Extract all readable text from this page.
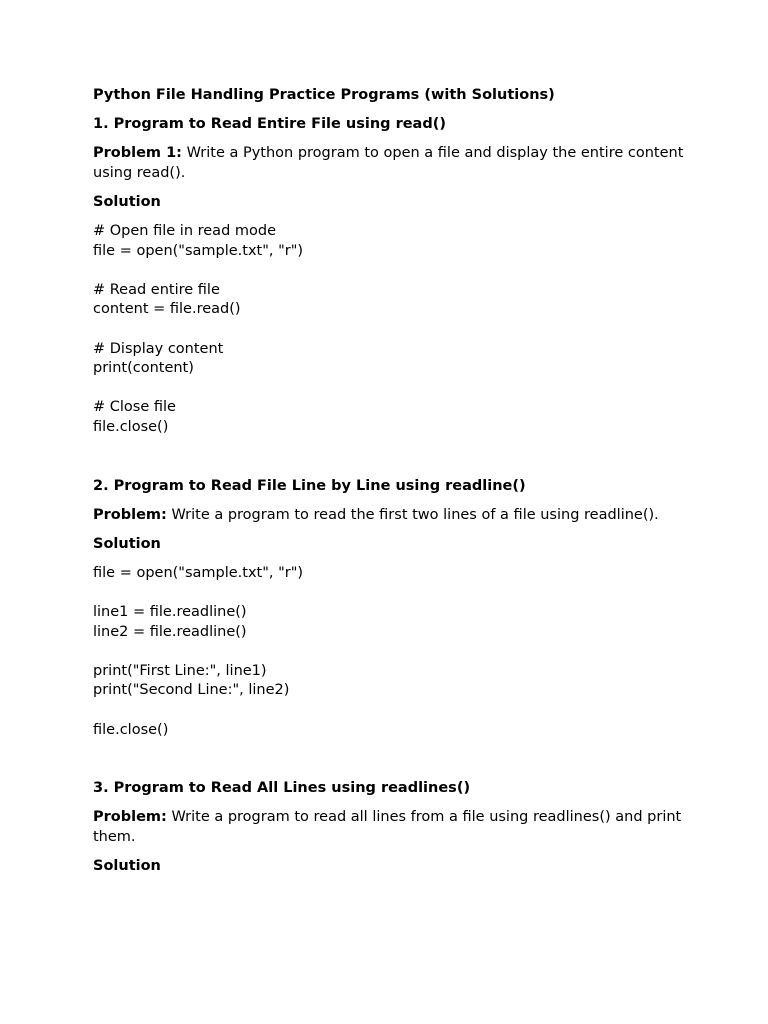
Python File Handling Practice Programs (with Solutions)
1. Program to Read Entire File using read()
Problem 1: Write a Python program to open a file and display the entire content using read().
Solution
# Open file in read mode
file = open("sample.txt", "r")
# Read entire file
content = file.read()
# Display content
print(content)
# Close file
file.close()
2. Program to Read File Line by Line using readline()
Problem: Write a program to read the first two lines of a file using readline().
Solution
file = open("sample.txt", "r")
line1 = file.readline()
line2 = file.readline()
print("First Line:", line1)
print("Second Line:", line2)
file.close()
3. Program to Read All Lines using readlines()
Problem: Write a program to read all lines from a file using readlines() and print them.
Solution
